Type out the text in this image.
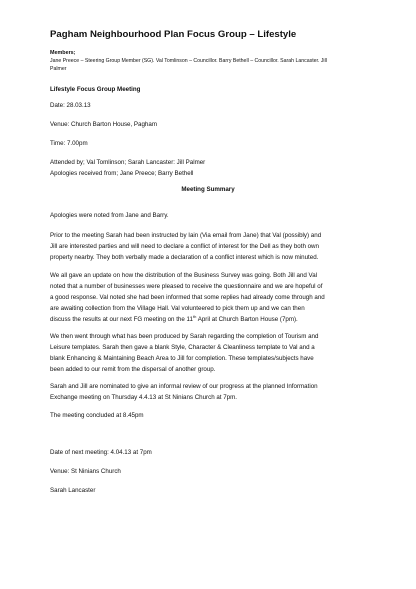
Pagham Neighbourhood Plan Focus Group – Lifestyle
Members;
Jane Preece – Steering Group Member (SG). Val Tomlinson – Councillor. Barry Bethell – Councillor. Sarah Lancaster. Jill
Palmer
Lifestyle Focus Group Meeting
Date: 28.03.13
Venue: Church Barton House, Pagham
Time: 7.00pm
Attended by; Val Tomlinson; Sarah Lancaster: Jill Palmer
Apologies received from; Jane Preece; Barry Bethell
Meeting Summary
Apologies were noted from Jane and Barry.
Prior to the meeting Sarah had been instructed by Iain (Via email from Jane) that Val (possibly) and
Jill are interested parties and will need to declare a conflict of interest for the Dell as they both own
property nearby. They both verbally made a declaration of a conflict interest which is now minuted.
We all gave an update on how the distribution of the Business Survey was going. Both Jill and Val
noted that a number of businesses were pleased to receive the questionnaire and we are hopeful of
a good response. Val noted she had been informed that some replies had already come through and
are awaiting collection from the Village Hall. Val volunteered to pick them up and we can then
discuss the results at our next FG meeting on the 11th April at Church Barton House (7pm).
We then went through what has been produced by Sarah regarding the completion of Tourism and
Leisure templates. Sarah then gave a blank Style, Character & Cleanliness template to Val and a
blank Enhancing & Maintaining Beach Area to Jill for completion. These templates/subjects have
been added to our remit from the dispersal of another group.
Sarah and Jill are nominated to give an informal review of our progress at the planned Information
Exchange meeting on Thursday 4.4.13 at St Ninians Church at 7pm.
The meeting concluded at 8.45pm
Date of next meeting: 4.04.13 at 7pm
Venue: St Ninians Church
Sarah Lancaster
